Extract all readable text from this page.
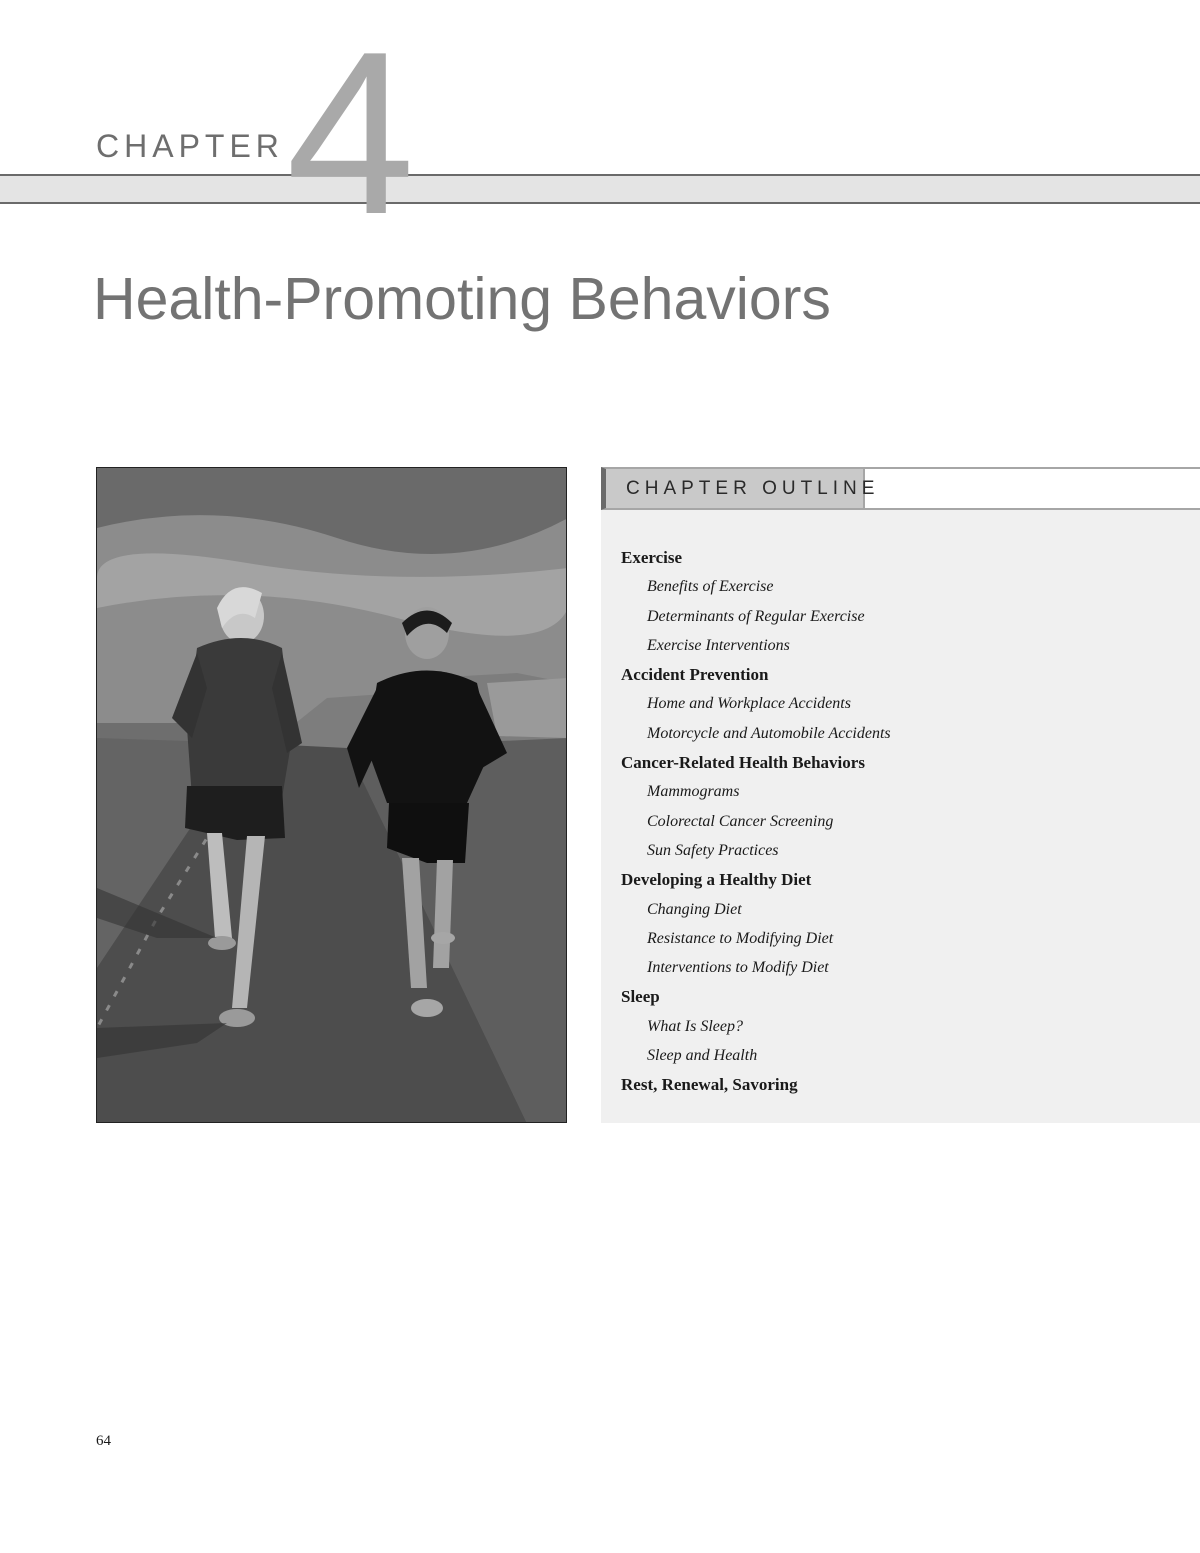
CHAPTER 4
Health-Promoting Behaviors
CHAPTER OUTLINE
Exercise
Benefits of Exercise
Determinants of Regular Exercise
Exercise Interventions
Accident Prevention
Home and Workplace Accidents
Motorcycle and Automobile Accidents
Cancer-Related Health Behaviors
Mammograms
Colorectal Cancer Screening
Sun Safety Practices
Developing a Healthy Diet
Changing Diet
Resistance to Modifying Diet
Interventions to Modify Diet
Sleep
What Is Sleep?
Sleep and Health
Rest, Renewal, Savoring
64
